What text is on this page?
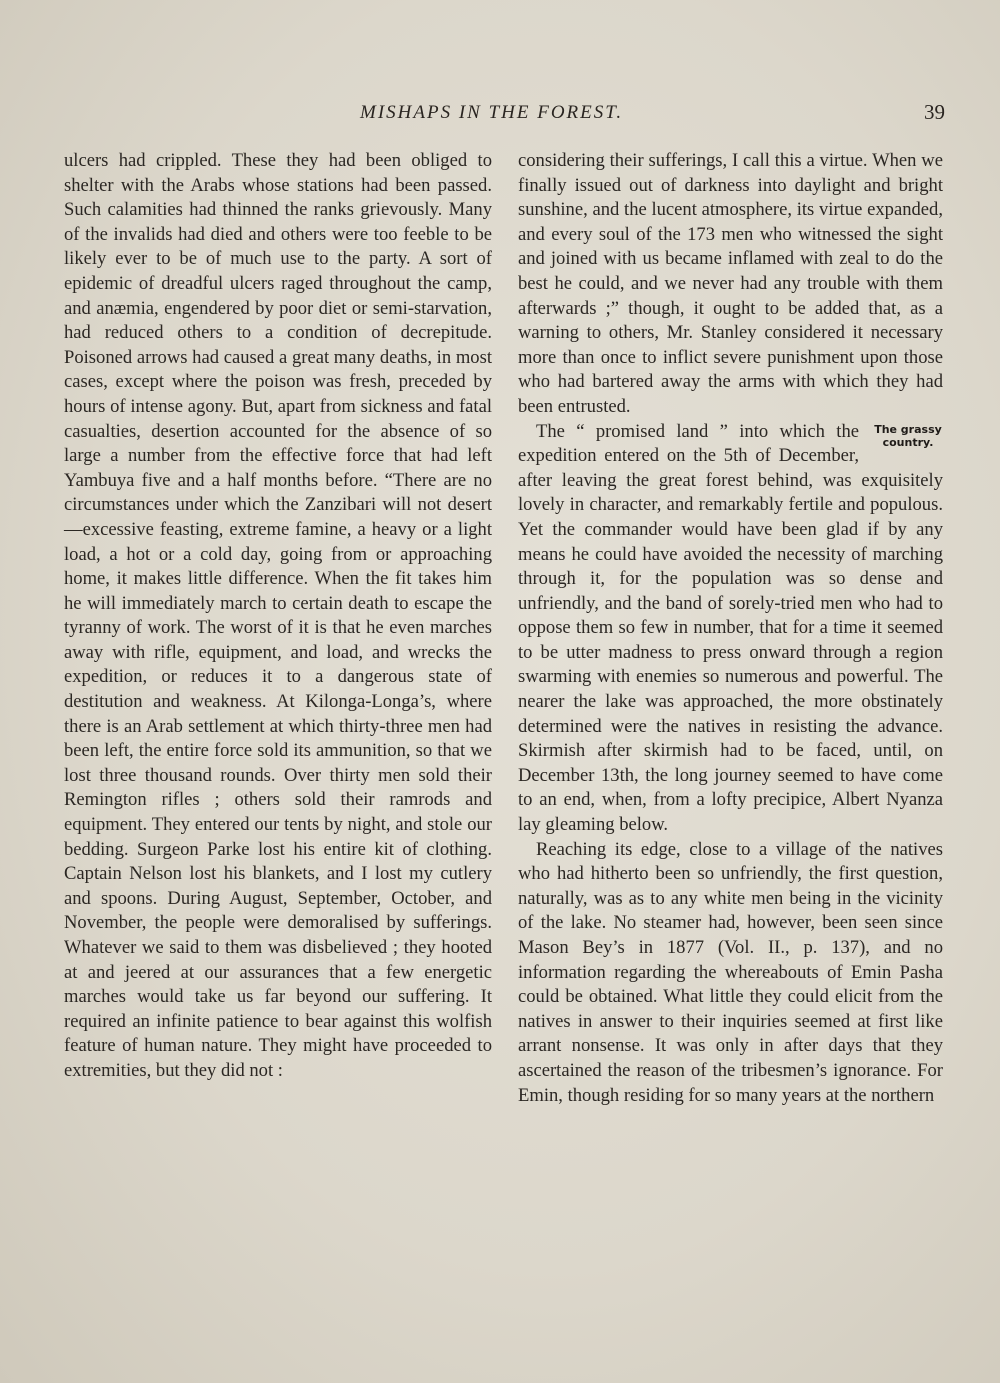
MISHAPS IN THE FOREST.	39

ulcers had crippled. These they had been obliged to shelter with the Arabs whose stations had been passed. Such calamities had thinned the ranks grievously. Many of the invalids had died and others were too feeble to be likely ever to be of much use to the party. A sort of epidemic of dreadful ulcers raged throughout the camp, and anæmia, engendered by poor diet or semi-starvation, had reduced others to a condition of decrepitude. Poisoned arrows had caused a great many deaths, in most cases, except where the poison was fresh, preceded by hours of intense agony. But, apart from sickness and fatal casualties, desertion accounted for the absence of so large a number from the effective force that had left Yambuya five and a half months before. “There are no circumstances under which the Zanzibari will not desert—excessive feasting, extreme famine, a heavy or a light load, a hot or a cold day, going from or approaching home, it makes little difference. When the fit takes him he will immediately march to certain death to escape the tyranny of work. The worst of it is that he even marches away with rifle, equipment, and load, and wrecks the expedition, or reduces it to a dangerous state of destitution and weakness. At Kilonga-Longa’s, where there is an Arab settlement at which thirty-three men had been left, the entire force sold its ammunition, so that we lost three thousand rounds. Over thirty men sold their Remington rifles ; others sold their ramrods and equipment. They entered our tents by night, and stole our bedding. Surgeon Parke lost his entire kit of clothing. Captain Nelson lost his blankets, and I lost my cutlery and spoons. During August, September, October, and November, the people were demoralised by sufferings. Whatever we said to them was disbelieved ; they hooted at and jeered at our assurances that a few energetic marches would take us far beyond our suffering. It required an infinite patience to bear against this wolfish feature of human nature. They might have proceeded to extremities, but they did not :

considering their sufferings, I call this a virtue. When we finally issued out of darkness into daylight and bright sunshine, and the lucent atmosphere, its virtue expanded, and every soul of the 173 men who witnessed the sight and joined with us became inflamed with zeal to do the best he could, and we never had any trouble with them afterwards ;” though, it ought to be added that, as a warning to others, Mr. Stanley considered it necessary more than once to inflict severe punishment upon those who had bartered away the arms with which they had been entrusted.

The grassy country.

The “ promised land ” into which the expedition entered on the 5th of December, after leaving the great forest behind, was exquisitely lovely in character, and remarkably fertile and populous. Yet the commander would have been glad if by any means he could have avoided the necessity of marching through it, for the population was so dense and unfriendly, and the band of sorely-tried men who had to oppose them so few in number, that for a time it seemed to be utter madness to press onward through a region swarming with enemies so numerous and powerful. The nearer the lake was approached, the more obstinately determined were the natives in resisting the advance. Skirmish after skirmish had to be faced, until, on December 13th, the long journey seemed to have come to an end, when, from a lofty precipice, Albert Nyanza lay gleaming below.

Reaching its edge, close to a village of the natives who had hitherto been so unfriendly, the first question, naturally, was as to any white men being in the vicinity of the lake. No steamer had, however, been seen since Mason Bey’s in 1877 (Vol. II., p. 137), and no information regarding the whereabouts of Emin Pasha could be obtained. What little they could elicit from the natives in answer to their inquiries seemed at first like arrant nonsense. It was only in after days that they ascertained the reason of the tribesmen’s ignorance. For Emin, though residing for so many years at the northern
